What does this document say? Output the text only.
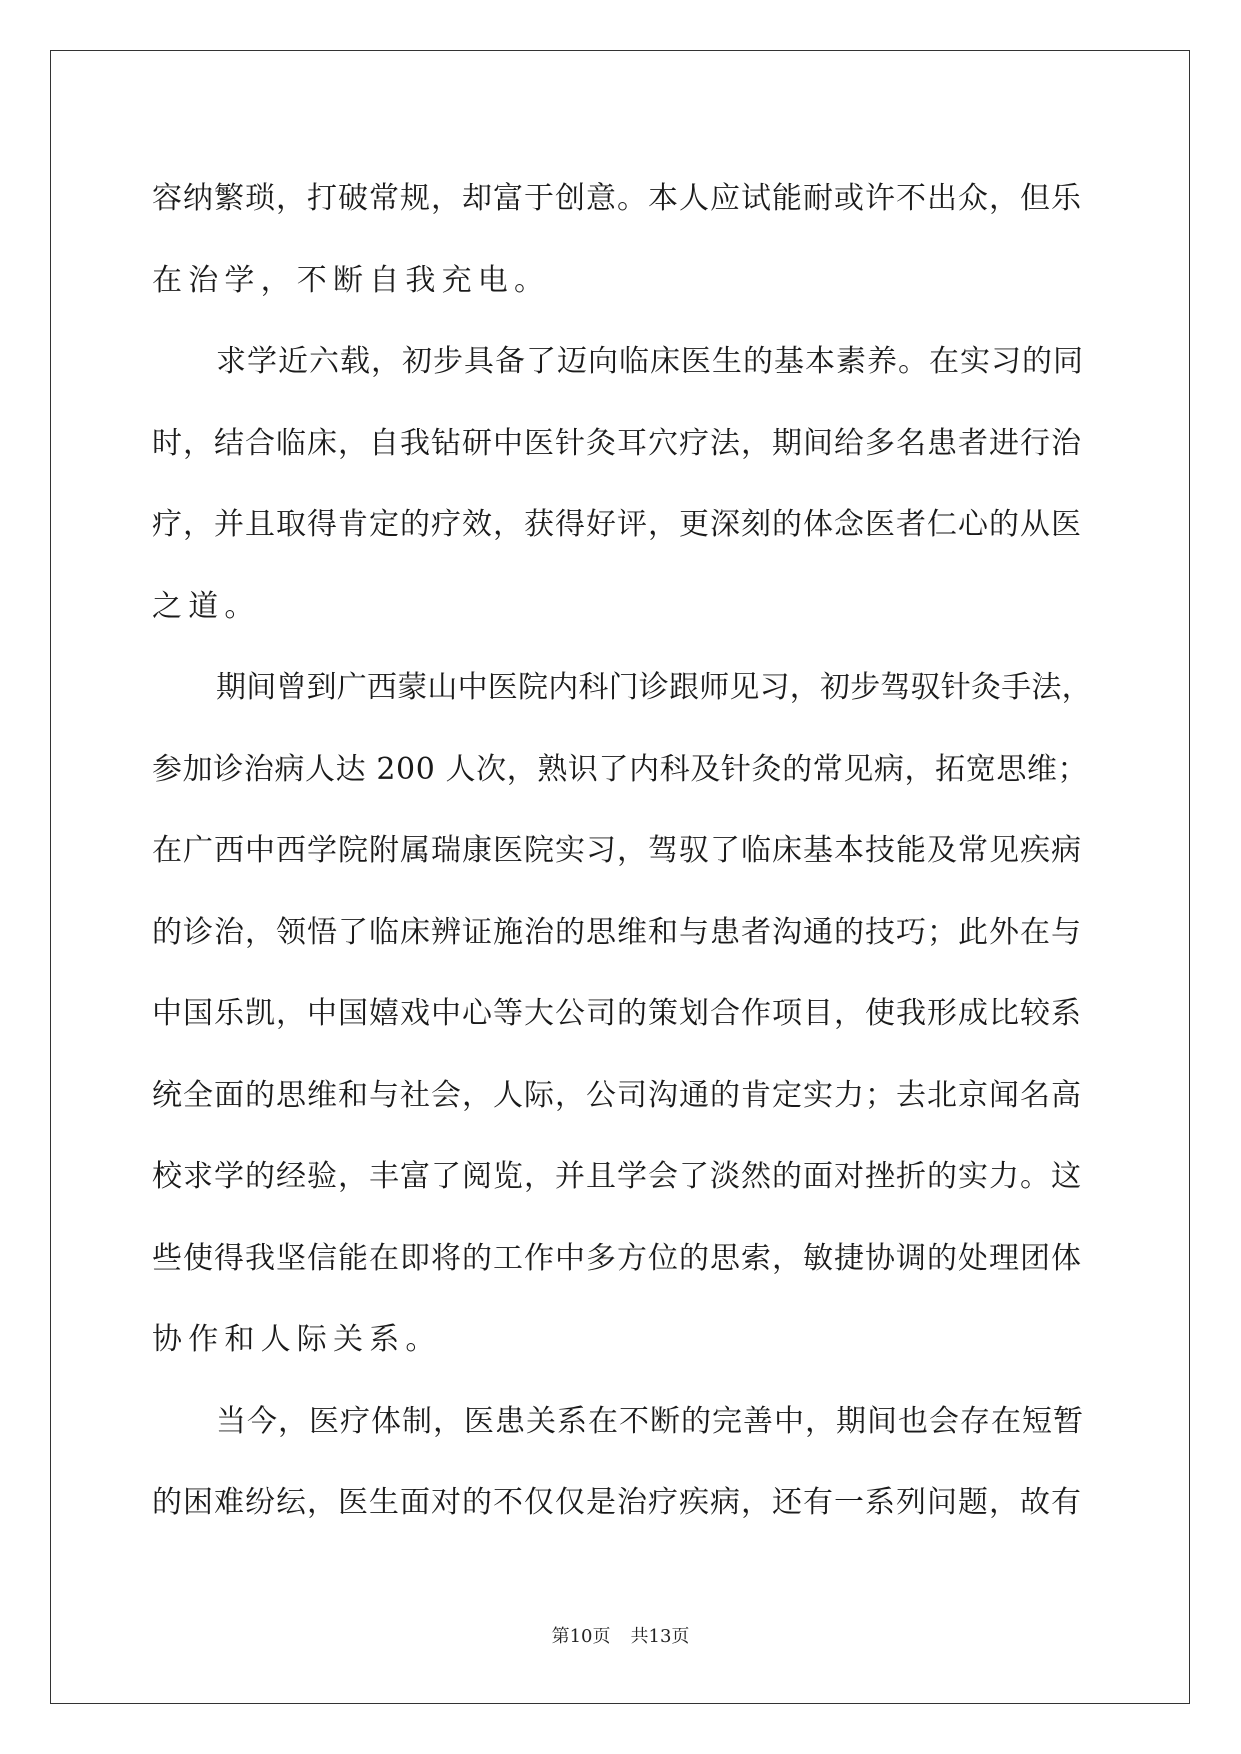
容纳繁琐，打破常规，却富于创意。本人应试能耐或许不出众，但乐
在治学，不断自我充电。
求学近六载，初步具备了迈向临床医生的基本素养。在实习的同
时，结合临床，自我钻研中医针灸耳穴疗法，期间给多名患者进行治
疗，并且取得肯定的疗效，获得好评，更深刻的体念医者仁心的从医
之道。
期间曾到广西蒙山中医院内科门诊跟师见习，初步驾驭针灸手法，
参加诊治病人达 200 人次，熟识了内科及针灸的常见病，拓宽思维；
在广西中西学院附属瑞康医院实习，驾驭了临床基本技能及常见疾病
的诊治，领悟了临床辨证施治的思维和与患者沟通的技巧；此外在与
中国乐凯，中国嬉戏中心等大公司的策划合作项目，使我形成比较系
统全面的思维和与社会，人际，公司沟通的肯定实力；去北京闻名高
校求学的经验，丰富了阅览，并且学会了淡然的面对挫折的实力。这
些使得我坚信能在即将的工作中多方位的思索，敏捷协调的处理团体
协作和人际关系。
当今，医疗体制，医患关系在不断的完善中，期间也会存在短暂
的困难纷纭，医生面对的不仅仅是治疗疾病，还有一系列问题，故有
第10页 共13页
